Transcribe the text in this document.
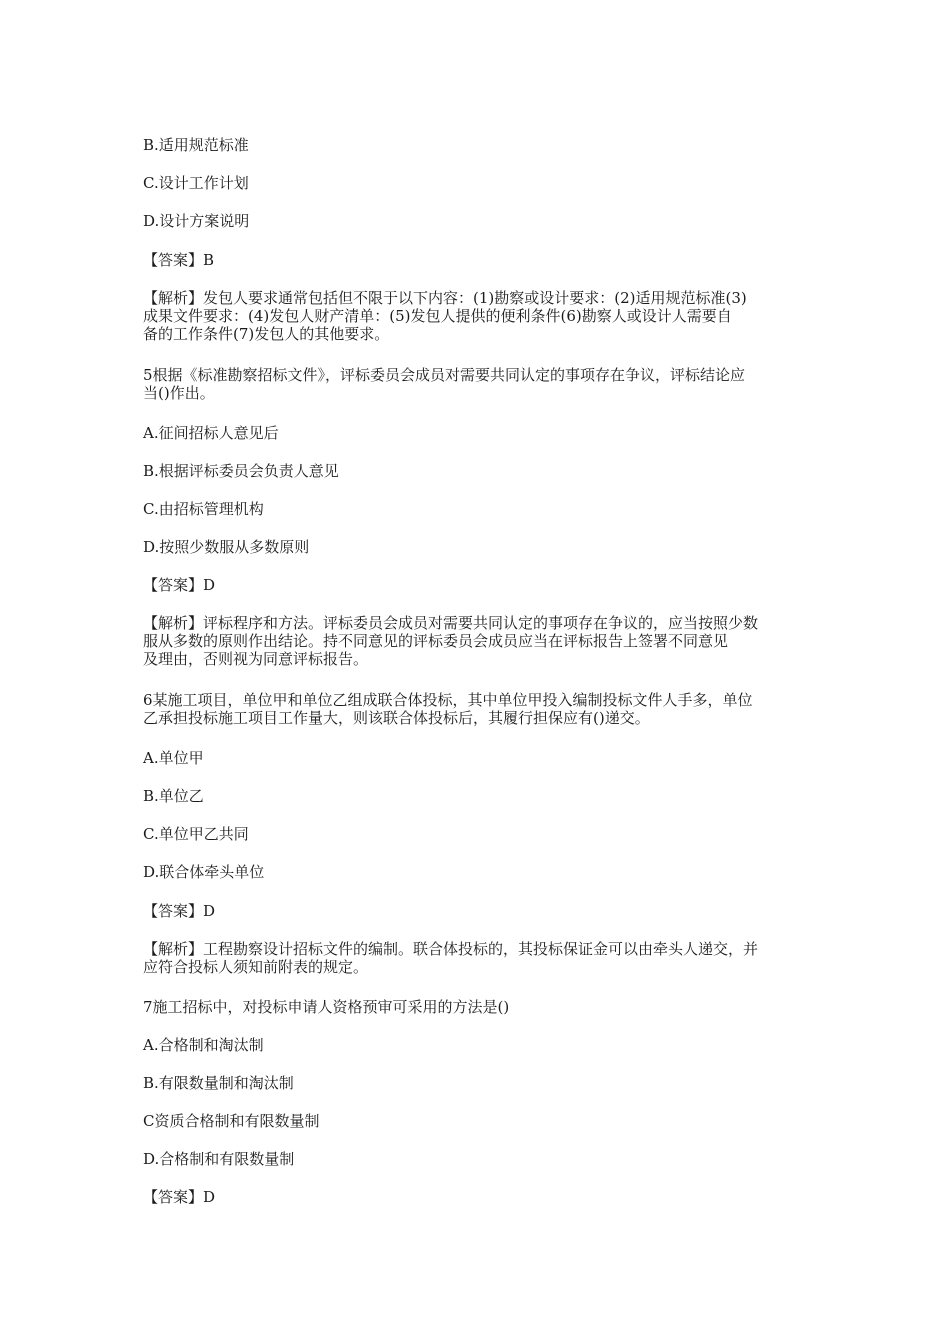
B.适用规范标准
C.设计工作计划
D.设计方案说明
【答案】B
【解析】发包人要求通常包括但不限于以下内容：(1)勘察或设计要求：(2)适用规范标准(3)
成果文件要求：(4)发包人财产清单：(5)发包人提供的便利条件(6)勘察人或设计人需要自
备的工作条件(7)发包人的其他要求。
5根据《标准勘察招标文件》，评标委员会成员对需要共同认定的事项存在争议，评标结论应
当()作出。
A.征间招标人意见后
B.根据评标委员会负责人意见
C.由招标管理机构
D.按照少数服从多数原则
【答案】D
【解析】评标程序和方法。评标委员会成员对需要共同认定的事项存在争议的，应当按照少数
服从多数的原则作出结论。持不同意见的评标委员会成员应当在评标报告上签署不同意见
及理由，否则视为同意评标报告。
6某施工项目，单位甲和单位乙组成联合体投标，其中单位甲投入编制投标文件人手多，单位
乙承担投标施工项目工作量大，则该联合体投标后，其履行担保应有()递交。
A.单位甲
B.单位乙
C.单位甲乙共同
D.联合体牵头单位
【答案】D
【解析】工程勘察设计招标文件的编制。联合体投标的，其投标保证金可以由牵头人递交，并
应符合投标人须知前附表的规定。
7施工招标中，对投标申请人资格预审可采用的方法是()
A.合格制和淘汰制
B.有限数量制和淘汰制
C资质合格制和有限数量制
D.合格制和有限数量制
【答案】D
